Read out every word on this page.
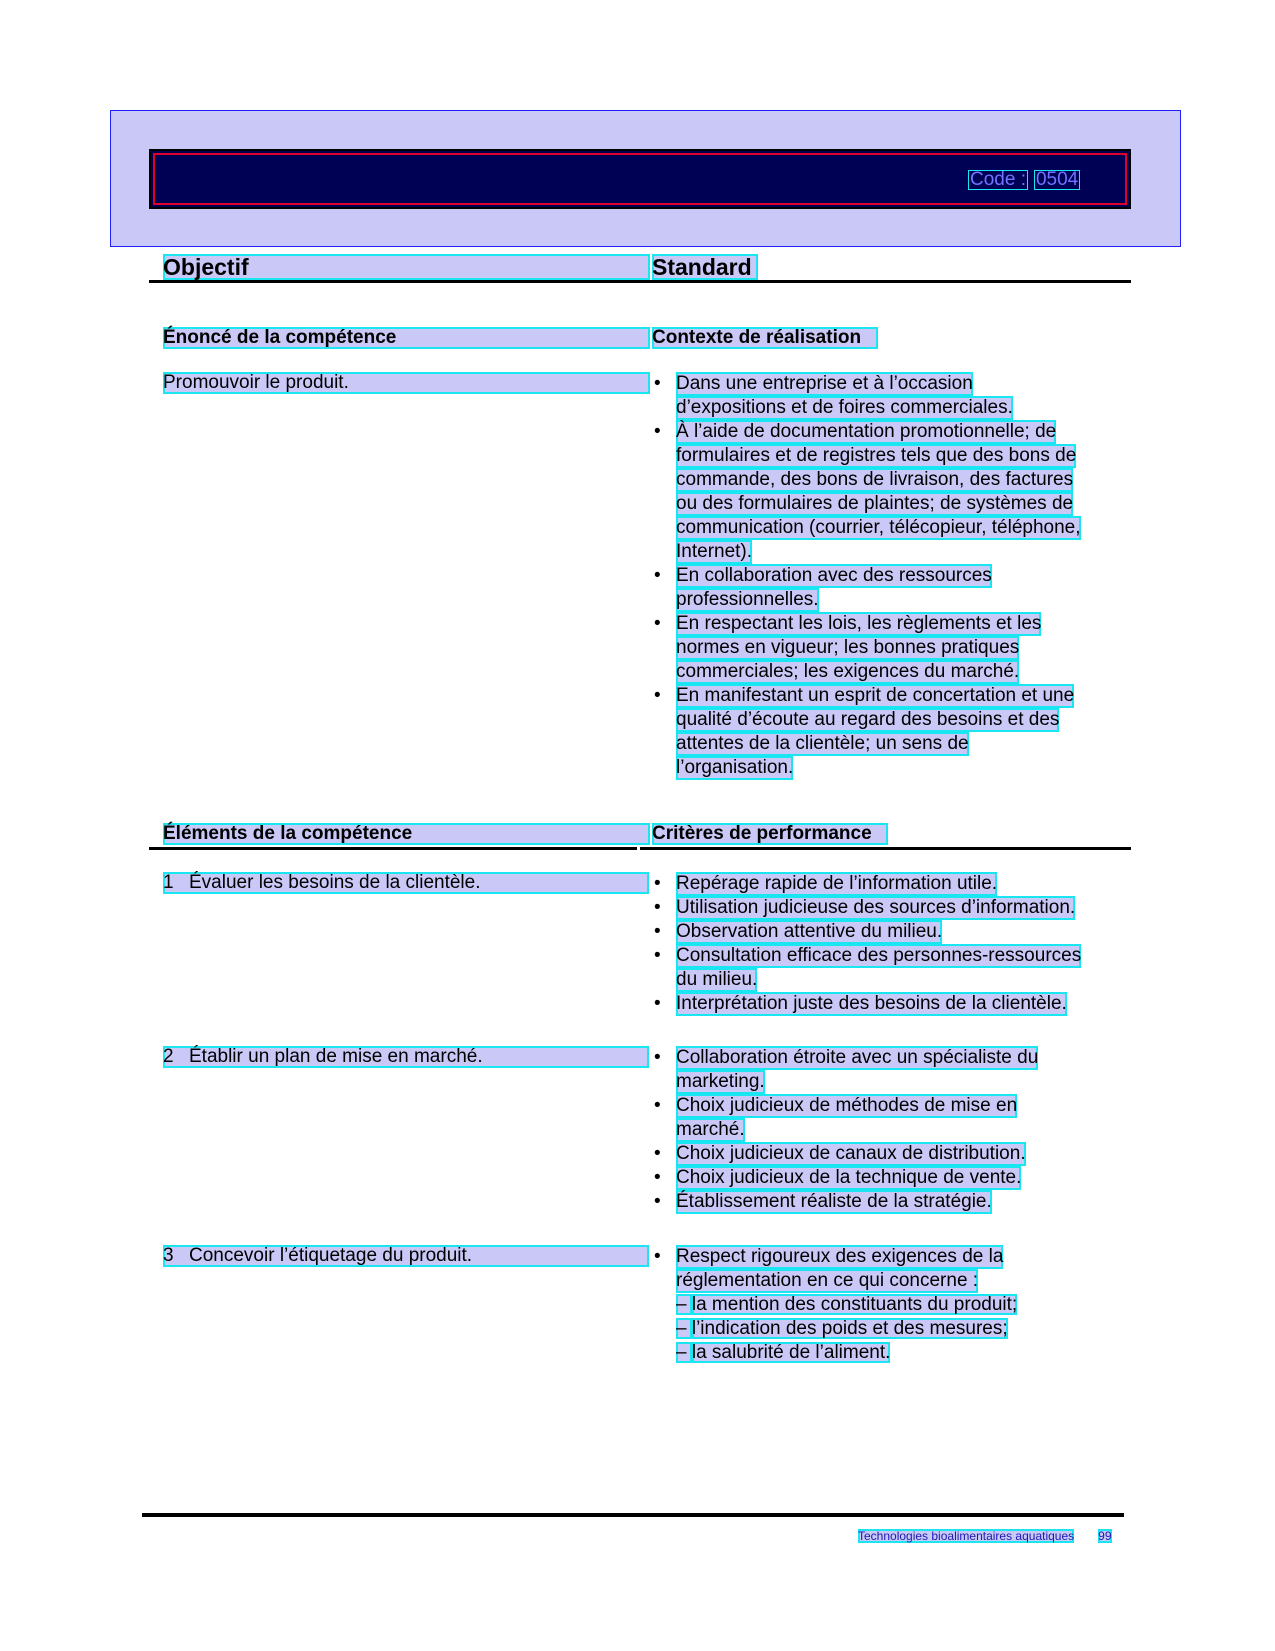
Code : 0504
Objectif	Standard
Énoncé de la compétence	Contexte de réalisation
Promouvoir le produit.	• Dans une entreprise et à l’occasion
d’expositions et de foires commerciales.

• À l’aide de documentation promotionnelle; de
formulaires et de registres tels que des bons de
commande, des bons de livraison, des factures
ou des formulaires de plaintes; de systèmes de
communication (courrier, télécopieur, téléphone,
Internet).

• En collaboration avec des ressources
professionnelles.

• En respectant les lois, les règlements et les
normes en vigueur; les bonnes pratiques
commerciales; les exigences du marché.

• En manifestant un esprit de concertation et une
qualité d’écoute au regard des besoins et des
attentes de la clientèle; un sens de
l’organisation.

Éléments de la compétence	Critères de performance
1 Évaluer les besoins de la clientèle.	• Repérage rapide de l’information utile.

• Utilisation judicieuse des sources d’information.

• Observation attentive du milieu.

• Consultation efficace des personnes-ressources
du milieu.

• Interprétation juste des besoins de la clientèle.

2 Établir un plan de mise en marché.	• Collaboration étroite avec un spécialiste du
marketing.

• Choix judicieux de méthodes de mise en
marché.

• Choix judicieux de canaux de distribution.

• Choix judicieux de la technique de vente.

• Établissement réaliste de la stratégie.

3 Concevoir l’étiquetage du produit.	• Respect rigoureux des exigences de la
réglementation en ce qui concerne :

– la mention des constituants du produit;
– l’indication des poids et des mesures;
– la salubrité de l’aliment.
Technologies bioalimentaires aquatiques 99
